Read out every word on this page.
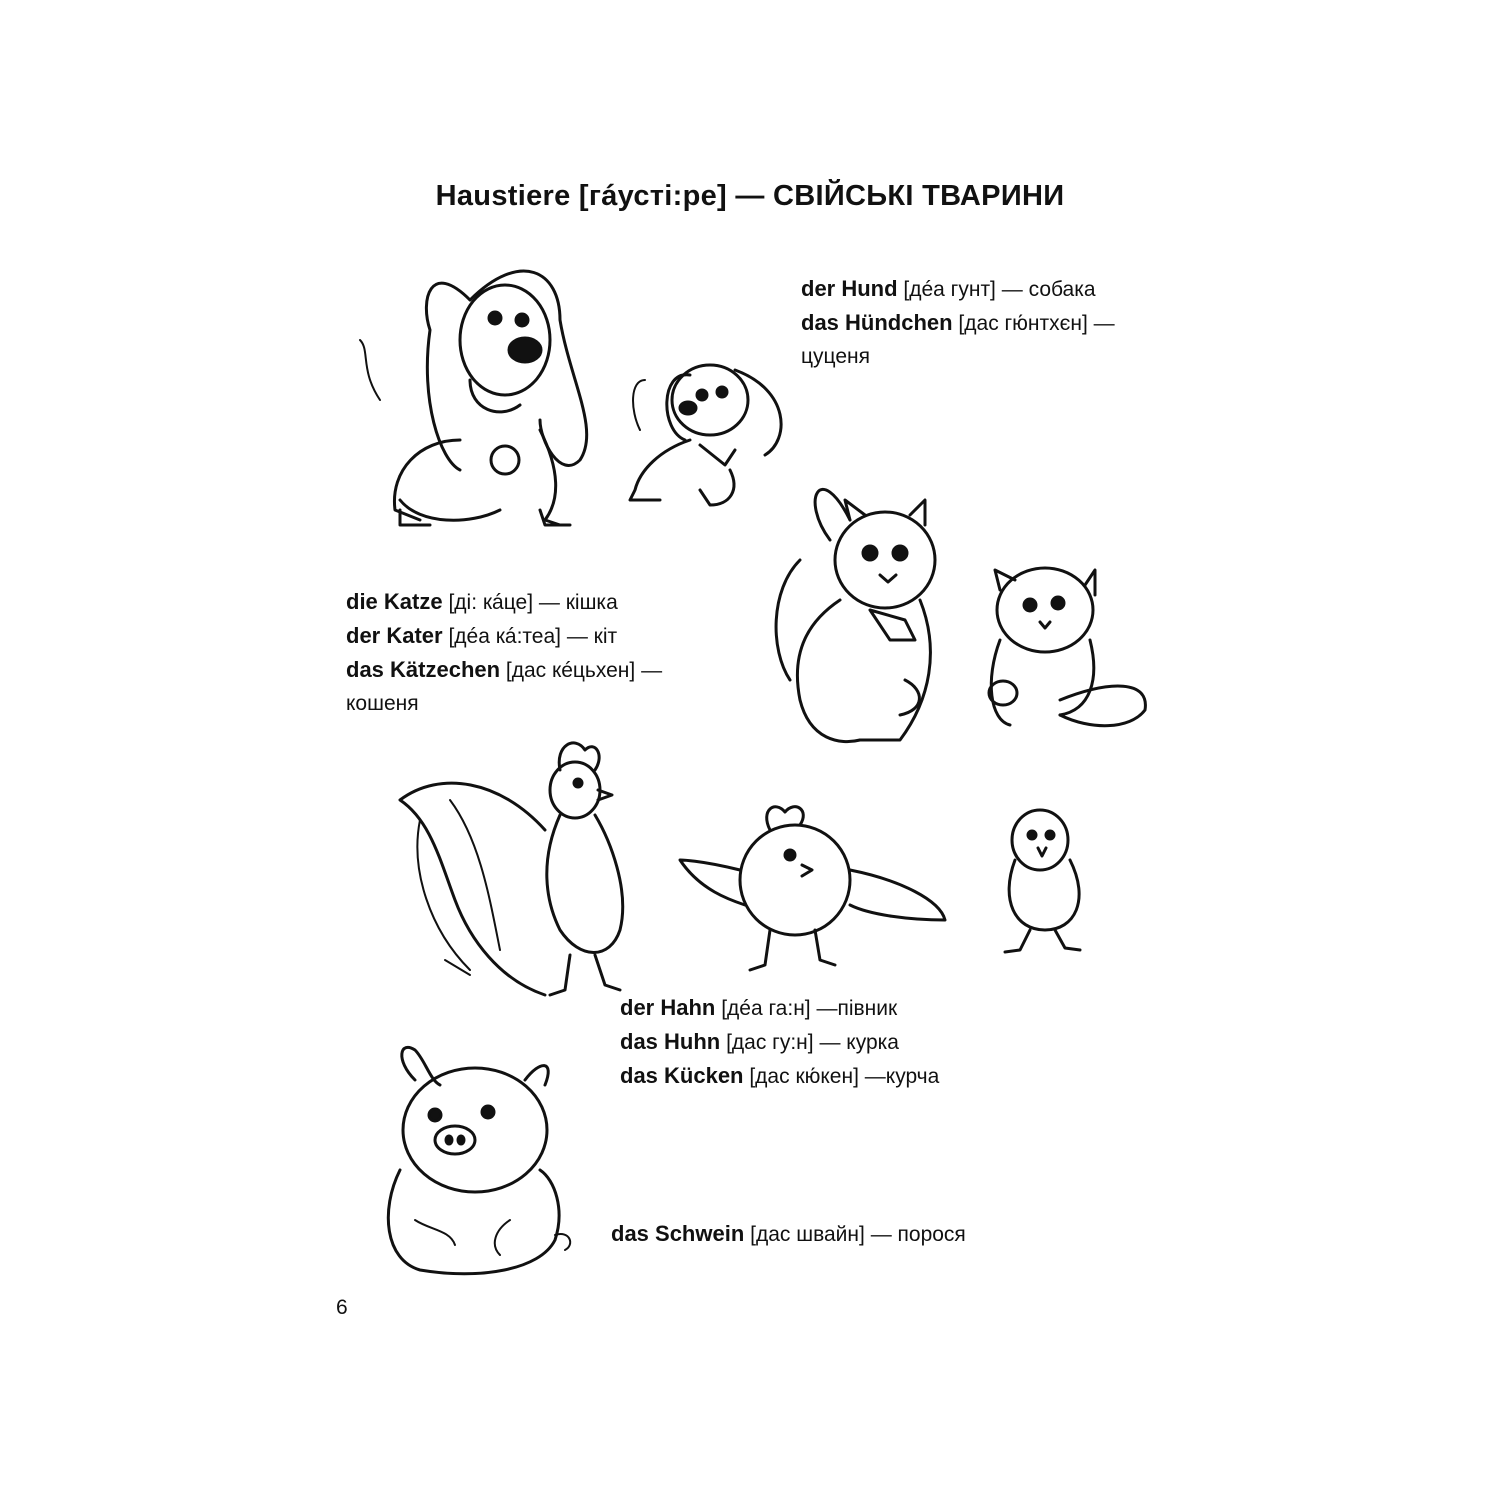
Haustiere [гáусті:ре] — СВІЙСЬКІ ТВАРИНИ
der Hund [дéа гунт] — собака
das Hündchen [дас гю́нтхєн] —
цуценя
die Katze [ді: кáце] — кішка
der Kater [дéа кá:теа] — кіт
das Kätzechen [дас кéцьхен] —
кошеня
der Hahn [дéа га:н] —півник
das Huhn [дас гу:н] — курка
das Kücken [дас кю́кен] —курча
das Schwein [дас швайн] — порося
6
